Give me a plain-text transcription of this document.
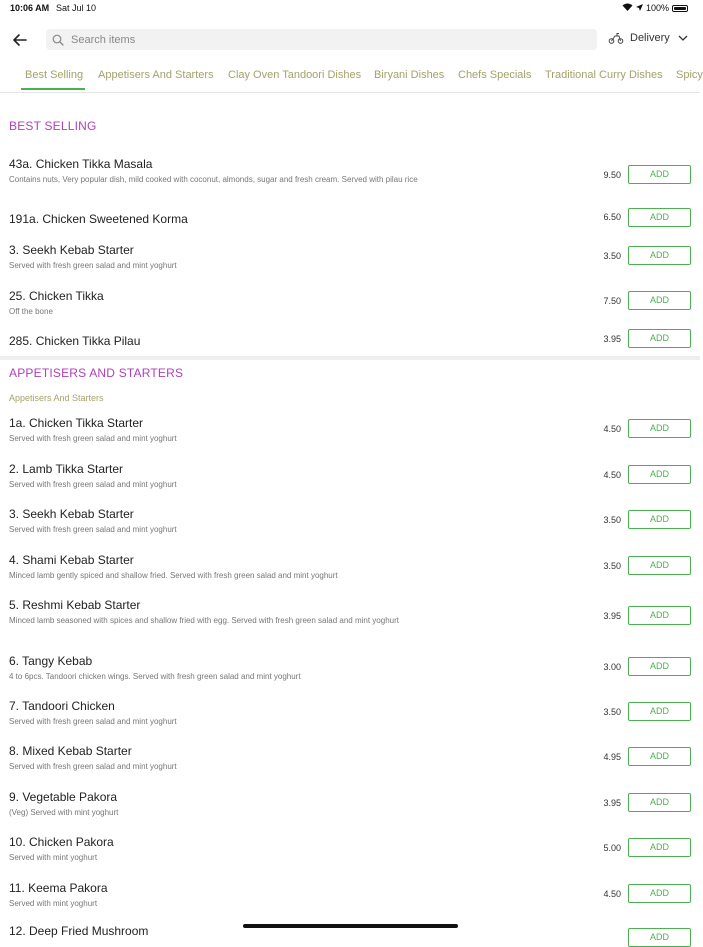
10:06 AM Sat Jul 10	100%
Search items
Delivery
Best Selling Appetisers And Starters Clay Oven Tandoori Dishes Biryani Dishes Chefs Specials Traditional Curry Dishes Spicy
BEST SELLING
43a. Chicken Tikka Masala
Contains nuts, Very popular dish, mild cooked with coconut, almonds, sugar and fresh cream. Served with pilau rice	9.50	ADD
191a. Chicken Sweetened Korma	6.50	ADD
3. Seekh Kebab Starter
Served with fresh green salad and mint yoghurt
3.50	ADD
25. Chicken Tikka
Off the bone
7.50	ADD
285. Chicken Tikka Pilau	3.95	ADD
APPETISERS AND STARTERS
Appetisers And Starters
1a. Chicken Tikka Starter
Served with fresh green salad and mint yoghurt
4.50	ADD
2. Lamb Tikka Starter
Served with fresh green salad and mint yoghurt
4.50	ADD
3. Seekh Kebab Starter
Served with fresh green salad and mint yoghurt
3.50	ADD
4. Shami Kebab Starter
Minced lamb gently spiced and shallow fried. Served with fresh green salad and mint yoghurt
3.50	ADD
5. Reshmi Kebab Starter
Minced lamb seasoned with spices and shallow fried with egg. Served with fresh green salad and mint yoghurt	3.95	ADD
6. Tangy Kebab
4 to 6pcs. Tandoori chicken wings. Served with fresh green salad and mint yoghurt
3.00	ADD
7. Tandoori Chicken
Served with fresh green salad and mint yoghurt
3.50	ADD
8. Mixed Kebab Starter
Served with fresh green salad and mint yoghurt
4.95	ADD
9. Vegetable Pakora
(Veg) Served with mint yoghurt
3.95	ADD
10. Chicken Pakora
Served with mint yoghurt
5.00	ADD
11. Keema Pakora
Served with mint yoghurt
4.50	ADD
12. Deep Fried Mushroom	ADD
